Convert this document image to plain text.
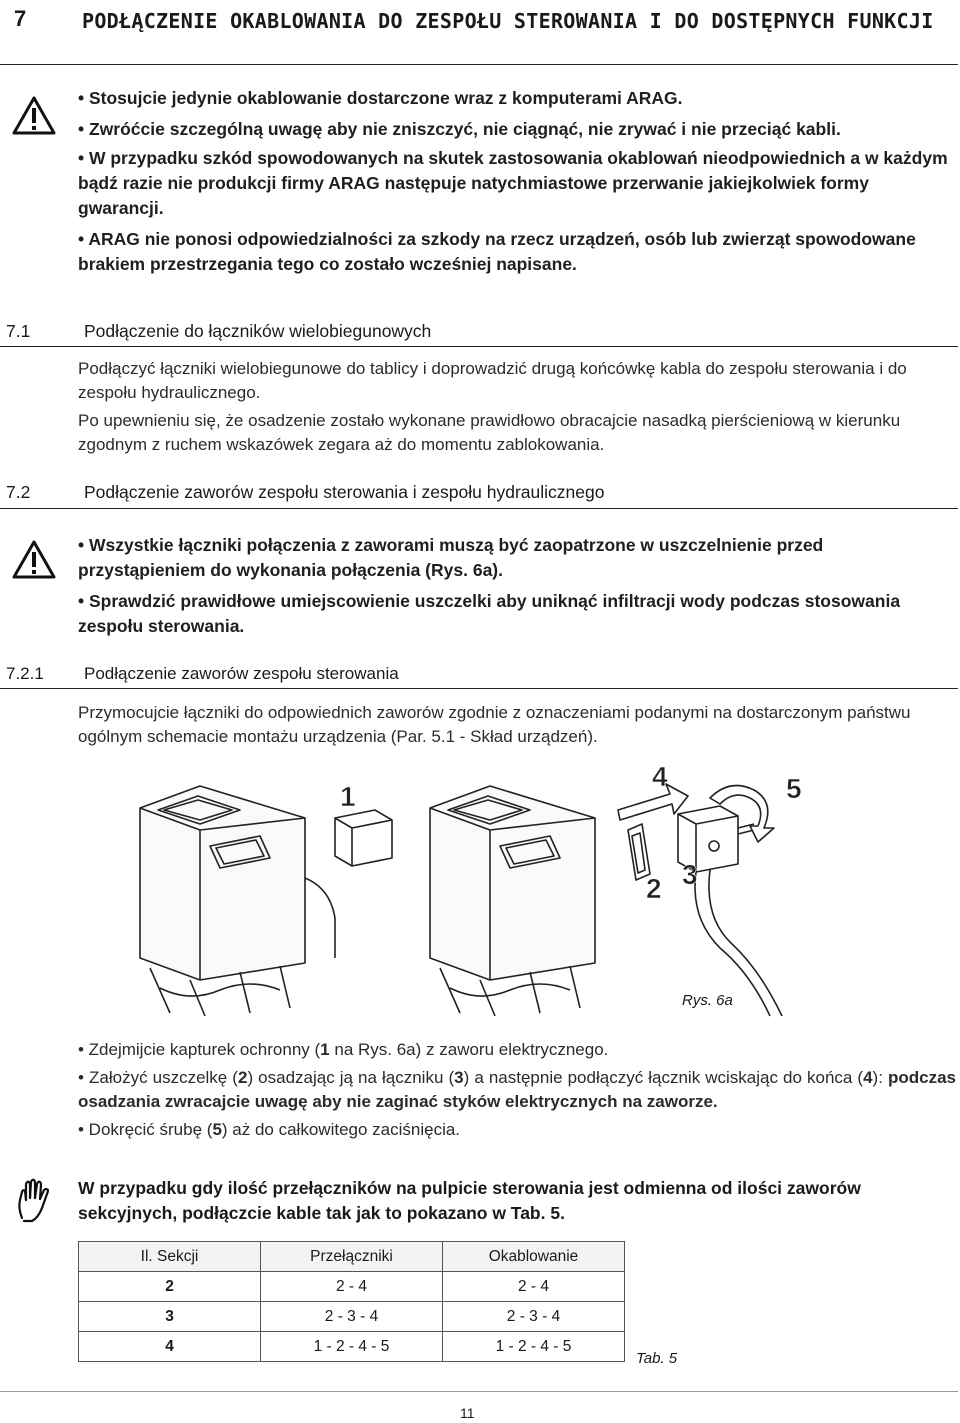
7	PODŁĄCZENIE OKABLOWANIA DO ZESPOŁU STEROWANIA I DO DOSTĘPNYCH FUNKCJI

• Stosujcie jedynie okablowanie dostarczone wraz z komputerami ARAG.

• Zwróćcie szczególną uwagę aby nie zniszczyć, nie ciągnąć, nie zrywać i nie przeciąć kabli.

• W przypadku szkód spowodowanych na skutek zastosowania okablowań nieodpowiednich a w każdym bądź razie nie produkcji firmy ARAG następuje natychmiastowe przerwanie jakiejkolwiek formy gwarancji.

• ARAG nie ponosi odpowiedzialności za szkody na rzecz urządzeń, osób lub zwierząt spowodowane brakiem przestrzegania tego co zostało wcześniej napisane.

7.1	Podłączenie do łączników wielobiegunowych

Podłączyć łączniki wielobiegunowe do tablicy i doprowadzić drugą końcówkę kabla do zespołu sterowania i do zespołu hydraulicznego.

Po upewnieniu się, że osadzenie zostało wykonane prawidłowo obracajcie nasadką pierścieniową w kierunku zgodnym z ruchem wskazówek zegara aż do momentu zablokowania.

7.2	Podłączenie zaworów zespołu sterowania i zespołu hydraulicznego

• Wszystkie łączniki połączenia z zaworami muszą być zaopatrzone w uszczelnienie przed przystąpieniem do wykonania połączenia (Rys. 6a).

• Sprawdzić prawidłowe umiejscowienie uszczelki aby uniknąć infiltracji wody podczas stosowania zespołu sterowania.

7.2.1 Podłączenie zaworów zespołu sterowania

Przymocujcie łączniki do odpowiednich zaworów zgodnie z oznaczeniami podanymi na dostarczonym państwu ogólnym schemacie montażu urządzenia (Par. 5.1 - Skład urządzeń).

1
2 3
4	5
Rys. 6a

• Zdejmijcie kapturek ochronny (1 na Rys. 6a) z zaworu elektrycznego.

• Założyć uszczelkę (2) osadzając ją na łączniku (3) a następnie podłączyć łącznik wciskając do końca (4): podczas osadzania zwracajcie uwagę aby nie zaginać styków elektrycznych na zaworze.

• Dokręcić śrubę (5) aż do całkowitego zaciśnięcia.

W przypadku gdy ilość przełączników na pulpicie sterowania jest odmienna od ilości zaworów sekcyjnych, podłączcie kable tak jak to pokazano w Tab. 5.
Il. Sekcji	Przełączniki	Okablowanie
2	2 - 4	2 - 4
3	2 - 3 - 4	2 - 3 - 4
4	1 - 2 - 4 - 5	1 - 2 - 4 - 5
Tab. 5
11
